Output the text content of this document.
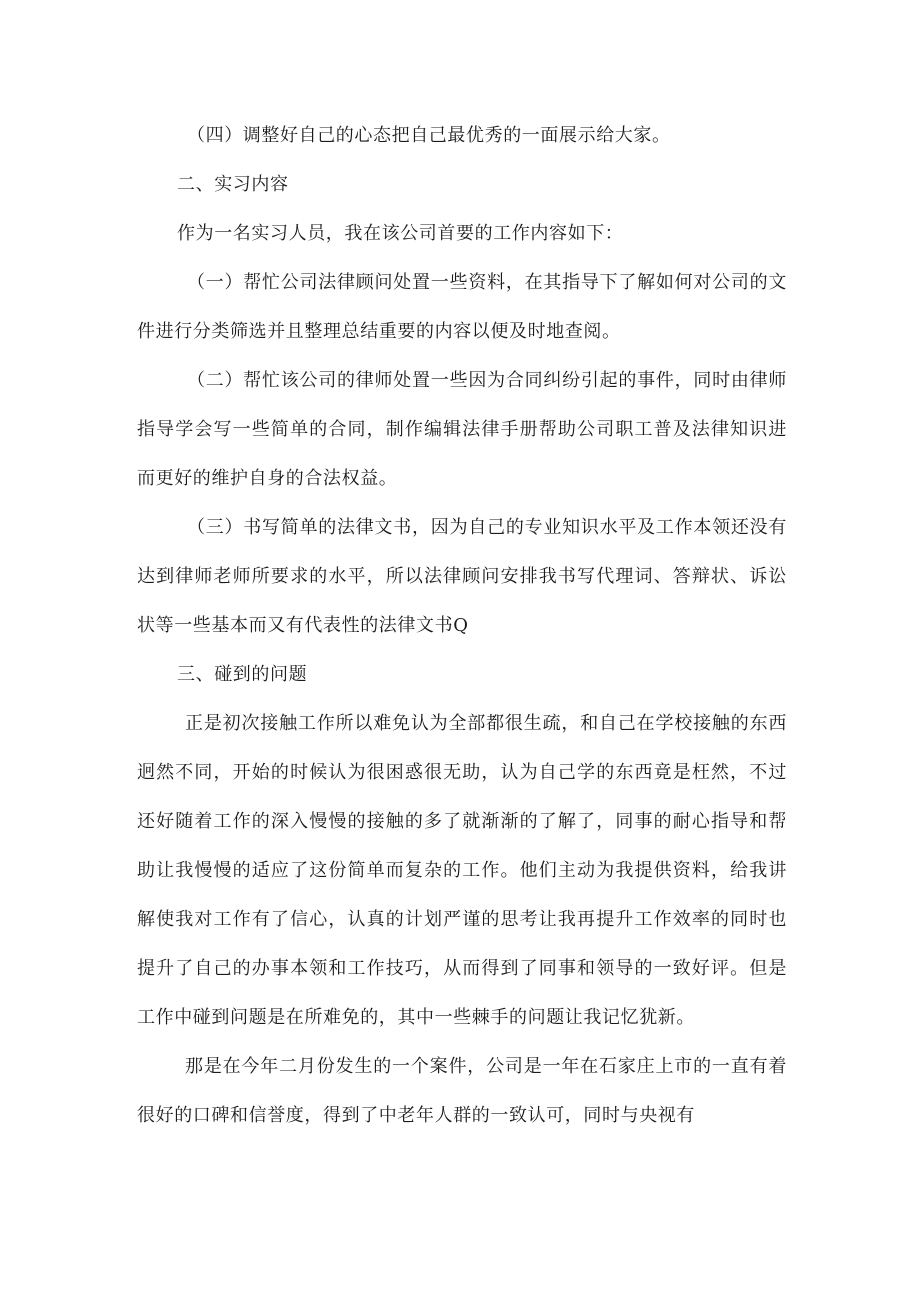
（四）调整好自己的心态把自己最优秀的一面展示给大家。

二、实习内容

作为一名实习人员，我在该公司首要的工作内容如下：

（一）帮忙公司法律顾问处置一些资料，在其指导下了解如何对公司的文件进行分类筛选并且整理总结重要的内容以便及时地查阅。

（二）帮忙该公司的律师处置一些因为合同纠纷引起的事件，同时由律师指导学会写一些简单的合同，制作编辑法律手册帮助公司职工普及法律知识进而更好的维护自身的合法权益。

（三）书写简单的法律文书，因为自己的专业知识水平及工作本领还没有达到律师老师所要求的水平，所以法律顾问安排我书写代理词、答辩状、诉讼状等一些基本而又有代表性的法律文书Q

三、碰到的问题

正是初次接触工作所以难免认为全部都很生疏，和自己在学校接触的东西迥然不同，开始的时候认为很困惑很无助，认为自己学的东西竟是枉然，不过还好随着工作的深入慢慢的接触的多了就渐渐的了解了，同事的耐心指导和帮助让我慢慢的适应了这份简单而复杂的工作。他们主动为我提供资料，给我讲解使我对工作有了信心，认真的计划严谨的思考让我再提升工作效率的同时也提升了自己的办事本领和工作技巧，从而得到了同事和领导的一致好评。但是工作中碰到问题是在所难免的，其中一些棘手的问题让我记忆犹新。

那是在今年二月份发生的一个案件，公司是一年在石家庄上市的一直有着很好的口碑和信誉度，得到了中老年人群的一致认可，同时与央视有
